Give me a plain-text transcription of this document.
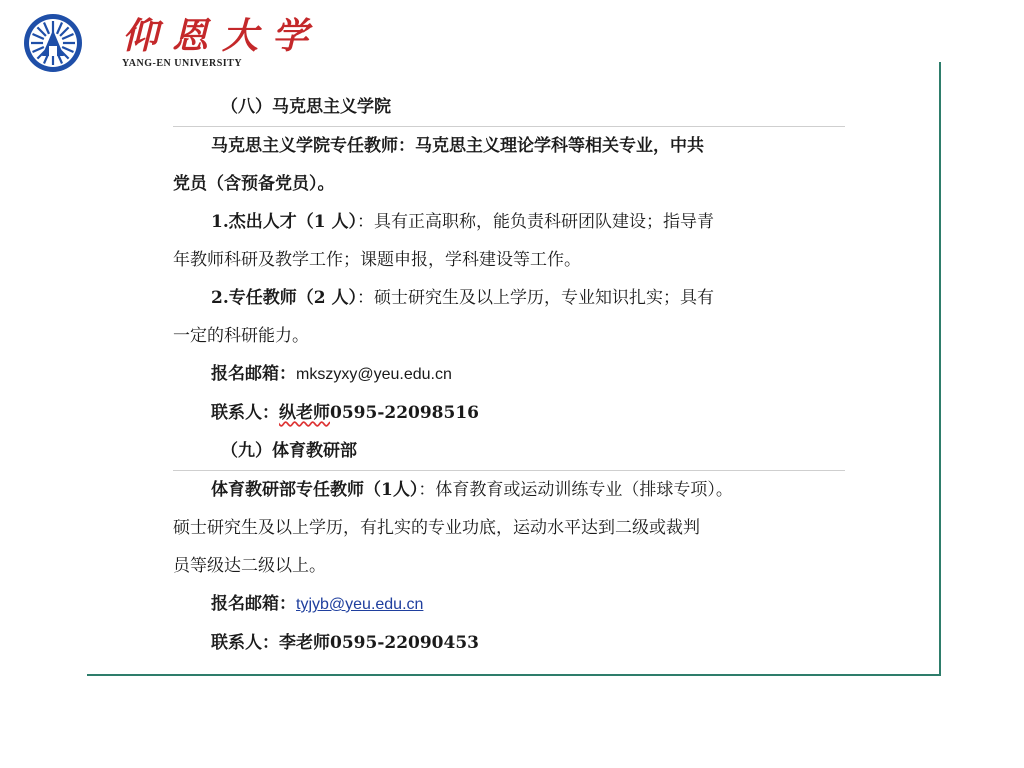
仰恩大学
YANG-EN UNIVERSITY
（八）马克思主义学院
马克思主义学院专任教师：马克思主义理论学科等相关专业，中共
党员（含预备党员）。
1.杰出人才（1 人）：具有正高职称，能负责科研团队建设；指导青
年教师科研及教学工作；课题申报，学科建设等工作。
2.专任教师（2 人）：硕士研究生及以上学历，专业知识扎实；具有
一定的科研能力。
报名邮箱：mkszyxy@yeu.edu.cn
联系人：纵老师0595-22098516
（九）体育教研部
体育教研部专任教师（1人）：体育教育或运动训练专业（排球专项）。
硕士研究生及以上学历，有扎实的专业功底，运动水平达到二级或裁判
员等级达二级以上。
报名邮箱：tyjyb@yeu.edu.cn
联系人：李老师0595-22090453
